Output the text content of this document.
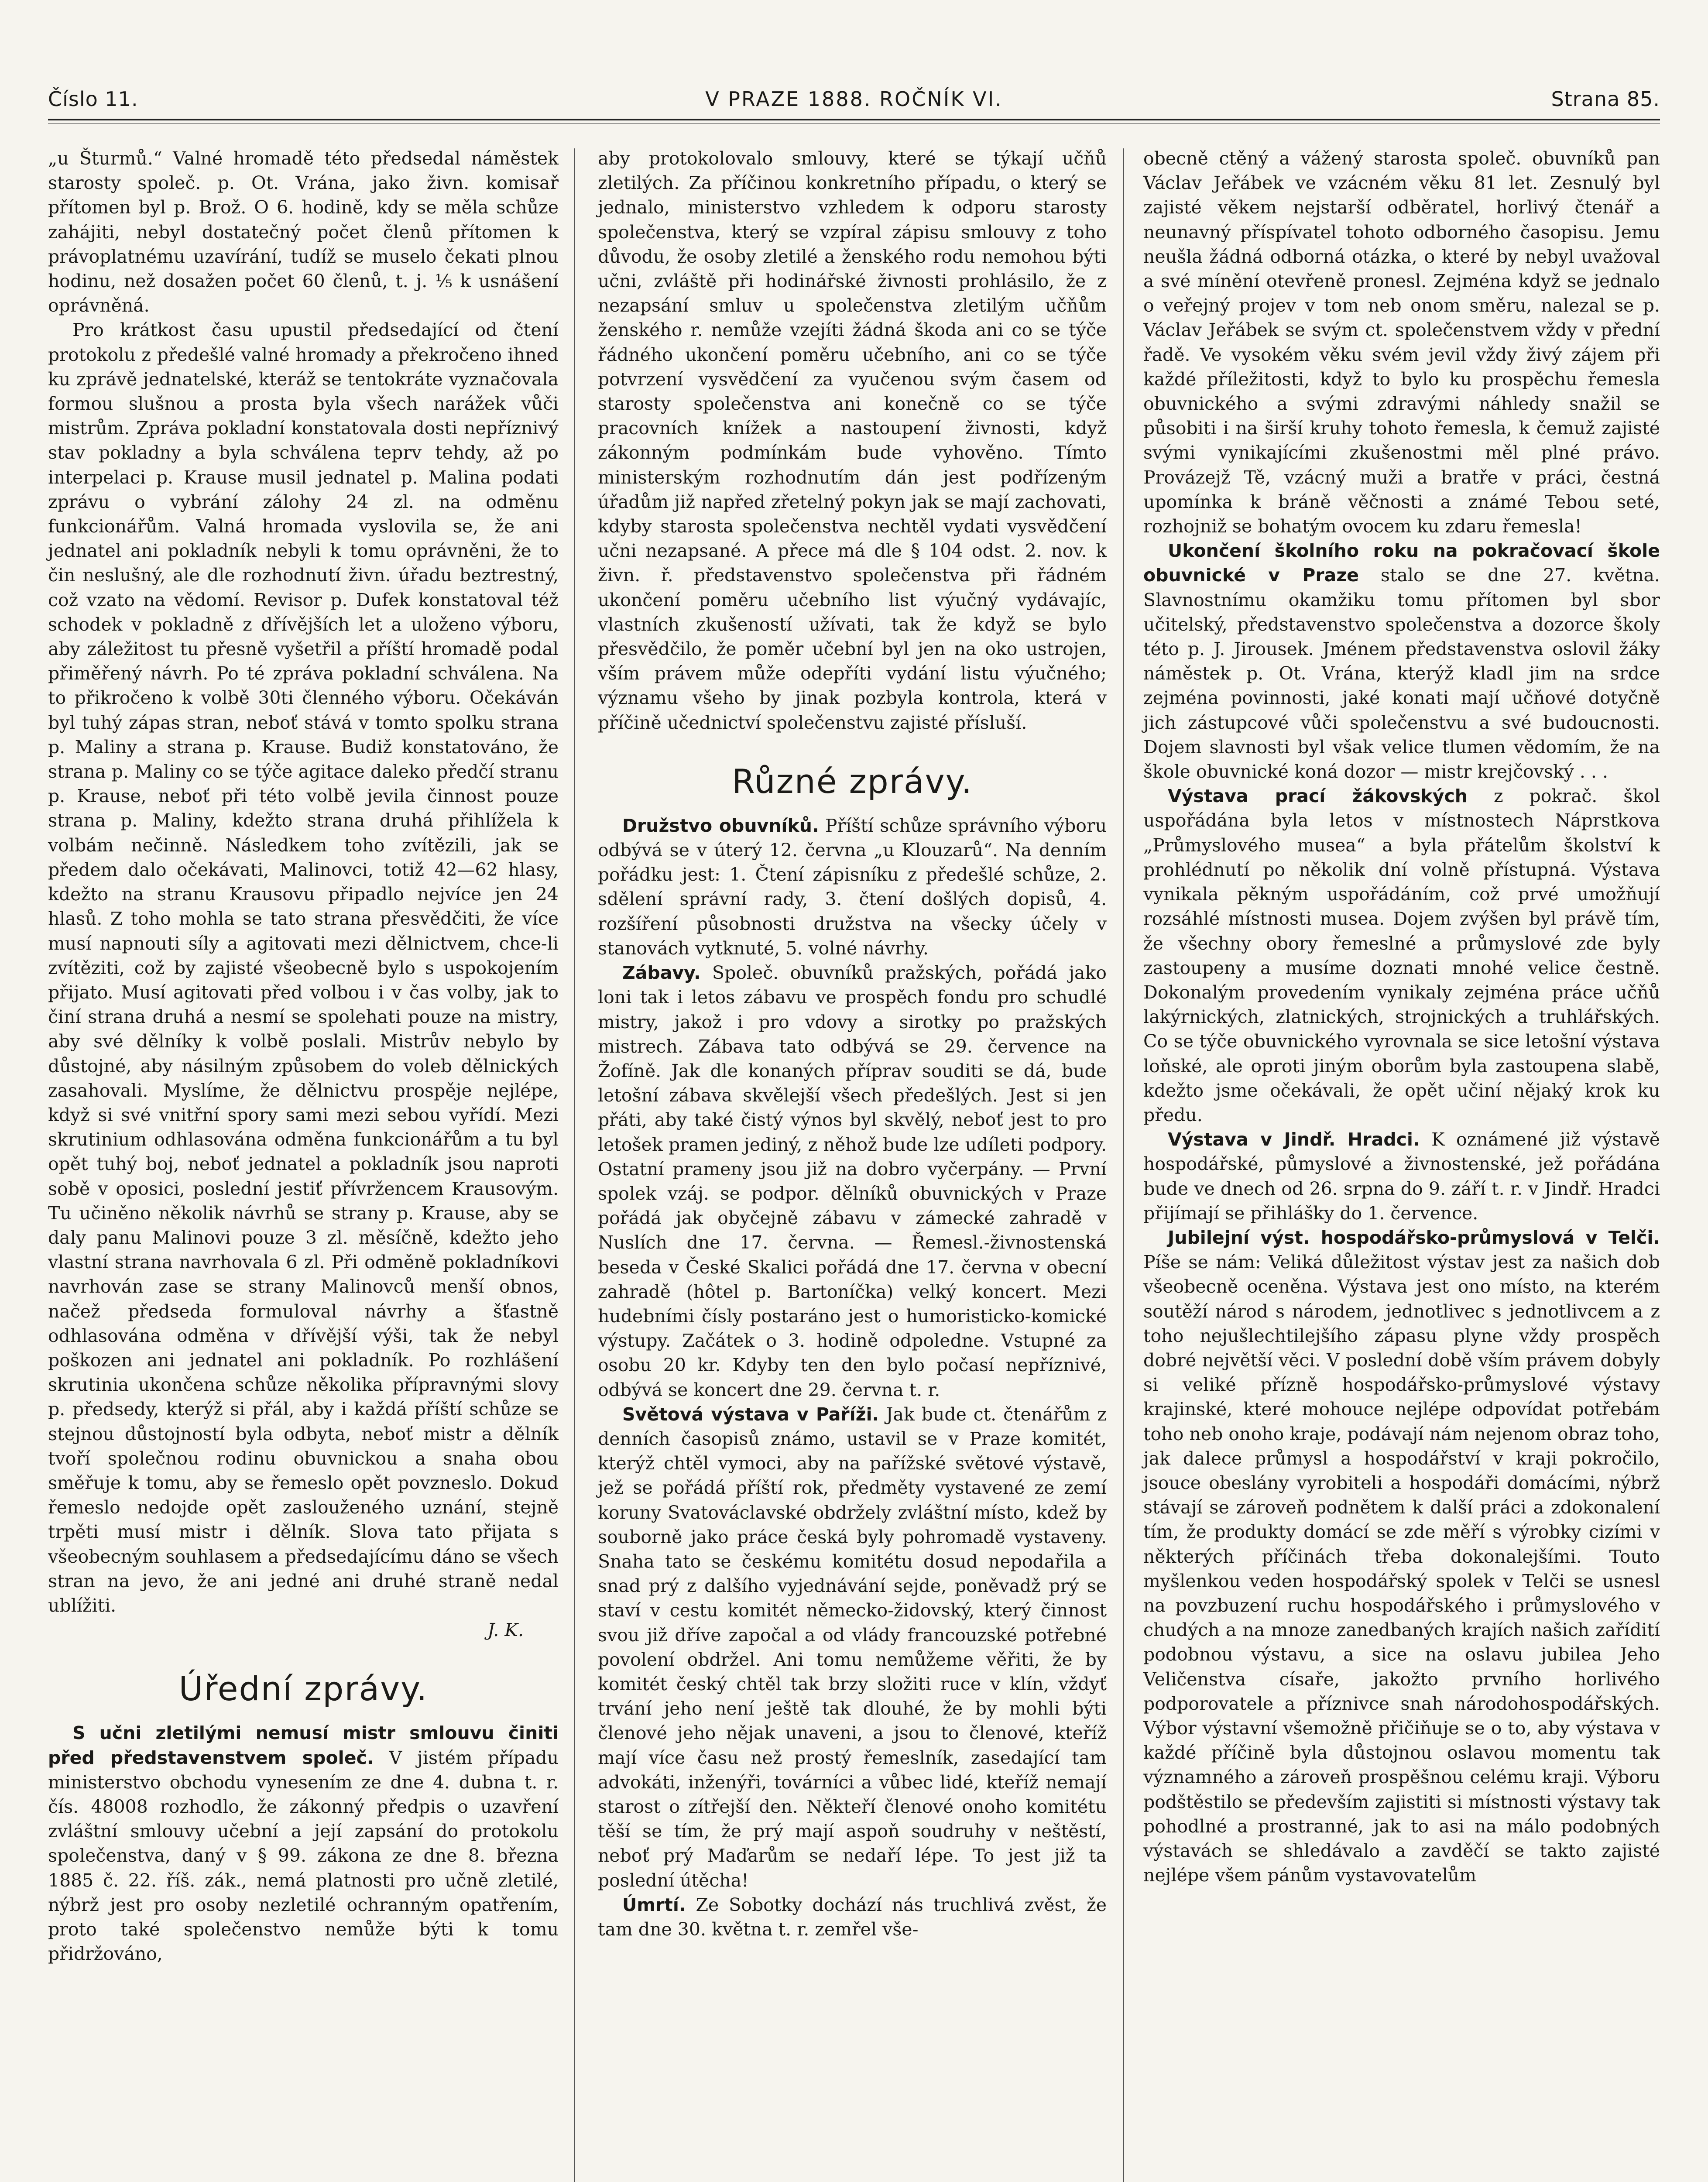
Číslo 11.	V PRAZE 1888. ROČNÍK VI.	Strana 85.

„u Šturmů.“ Valné hromadě této předsedal náměstek starosty společ. p. Ot. Vrána, jako živn. komisař přítomen byl p. Brož. O 6. hodině, kdy se měla schůze zahájiti, nebyl dostatečný počet členů přítomen k právoplatnému uzavírání, tudíž se muselo čekati plnou hodinu, než dosažen počet 60 členů, t. j. ⅕ k usnášení oprávněná.

Pro krátkost času upustil předsedající od čtení protokolu z předešlé valné hromady a překročeno ihned ku zprávě jednatelské, kteráž se tentokráte vyznačovala formou slušnou a prosta byla všech narážek vůči mistrům. Zpráva pokladní konstatovala dosti nepříznivý stav pokladny a byla schválena teprv tehdy, až po interpelaci p. Krause musil jednatel p. Malina podati zprávu o vybrání zálohy 24 zl. na odměnu funkcionářům. Valná hromada vyslovila se, že ani jednatel ani pokladník nebyli k tomu oprávněni, že to čin neslušný, ale dle rozhodnutí živn. úřadu beztrestný, což vzato na vědomí. Revisor p. Dufek konstatoval též schodek v pokladně z dřívějších let a uloženo výboru, aby záležitost tu přesně vyšetřil a příští hromadě podal přiměřený návrh. Po té zpráva pokladní schválena. Na to přikročeno k volbě 30ti členného výboru. Očekáván byl tuhý zápas stran, neboť stává v tomto spolku strana p. Maliny a strana p. Krause. Budiž konstatováno, že strana p. Maliny co se týče agitace daleko předčí stranu p. Krause, neboť při této volbě jevila činnost pouze strana p. Maliny, kdežto strana druhá přihlížela k volbám nečinně. Následkem toho zvítězili, jak se předem dalo očekávati, Malinovci, totiž 42—62 hlasy, kdežto na stranu Krausovu připadlo nejvíce jen 24 hlasů. Z toho mohla se tato strana přesvědčiti, že více musí napnouti síly a agitovati mezi dělnictvem, chce-li zvítěziti, což by zajisté všeobecně bylo s uspokojením přijato. Musí agitovati před volbou i v čas volby, jak to činí strana druhá a nesmí se spolehati pouze na mistry, aby své dělníky k volbě poslali. Mistrův nebylo by důstojné, aby násilným způsobem do voleb dělnických zasahovali. Myslíme, že dělnictvu prospěje nejlépe, když si své vnitřní spory sami mezi sebou vyřídí. Mezi skrutinium odhlasována odměna funkcionářům a tu byl opět tuhý boj, neboť jednatel a pokladník jsou naproti sobě v oposici, poslední jestiť přívržencem Krausovým. Tu učiněno několik návrhů se strany p. Krause, aby se daly panu Malinovi pouze 3 zl. měsíčně, kdežto jeho vlastní strana navrhovala 6 zl. Při odměně pokladníkovi navrhován zase se strany Malinovců menší obnos, načež předseda formuloval návrhy a šťastně odhlasována odměna v dřívější výši, tak že nebyl poškozen ani jednatel ani pokladník. Po rozhlášení skrutinia ukončena schůze několika přípravnými slovy p. předsedy, kterýž si přál, aby i každá příští schůze se stejnou důstojností byla odbyta, neboť mistr a dělník tvoří společnou rodinu obuvnickou a snaha obou směřuje k tomu, aby se řemeslo opět povzneslo. Dokud řemeslo nedojde opět zaslouženého uznání, stejně trpěti musí mistr i dělník. Slova tato přijata s všeobecným souhlasem a předsedajícímu dáno se všech stran na jevo, že ani jedné ani druhé straně nedal ublížiti.

J. K.

Úřední zprávy.

S učni zletilými nemusí mistr smlouvu činiti před představenstvem společ. V jistém případu ministerstvo obchodu vynesením ze dne 4. dubna t. r. čís. 48008 rozhodlo, že zákonný předpis o uzavření zvláštní smlouvy učební a její zapsání do protokolu společenstva, daný v § 99. zákona ze dne 8. března 1885 č. 22. říš. zák., nemá platnosti pro učně zletilé, nýbrž jest pro osoby nezletilé ochranným opatřením, proto také společenstvo nemůže býti k tomu přidržováno,

aby protokolovalo smlouvy, které se týkají učňů zletilých. Za příčinou konkretního případu, o který se jednalo, ministerstvo vzhledem k odporu starosty společenstva, který se vzpíral zápisu smlouvy z toho důvodu, že osoby zletilé a ženského rodu nemohou býti učni, zvláště při hodinářské živnosti prohlásilo, že z nezapsání smluv u společenstva zletilým učňům ženského r. nemůže vzejíti žádná škoda ani co se týče řádného ukončení poměru učebního, ani co se týče potvrzení vysvědčení za vyučenou svým časem od starosty společenstva ani konečně co se týče pracovních knížek a nastoupení živnosti, když zákonným podmínkám bude vyhověno. Tímto ministerským rozhodnutím dán jest podřízeným úřadům již napřed zřetelný pokyn jak se mají zachovati, kdyby starosta společenstva nechtěl vydati vysvědčení učni nezapsané. A přece má dle § 104 odst. 2. nov. k živn. ř. představenstvo společenstva při řádném ukončení poměru učebního list výučný vydávajíc, vlastních zkušeností užívati, tak že když se bylo přesvědčilo, že poměr učební byl jen na oko ustrojen, vším právem může odepříti vydání listu výučného; významu všeho by jinak pozbyla kontrola, která v příčině učednictví společenstvu zajisté přísluší.

Různé zprávy.

Družstvo obuvníků. Příští schůze správního výboru odbývá se v úterý 12. června „u Klouzarů“. Na denním pořádku jest: 1. Čtení zápisníku z předešlé schůze, 2. sdělení správní rady, 3. čtení došlých dopisů, 4. rozšíření působnosti družstva na všecky účely v stanovách vytknuté, 5. volné návrhy.

Zábavy. Společ. obuvníků pražských, pořádá jako loni tak i letos zábavu ve prospěch fondu pro schudlé mistry, jakož i pro vdovy a sirotky po pražských mistrech. Zábava tato odbývá se 29. července na Žofíně. Jak dle konaných příprav souditi se dá, bude letošní zábava skvělejší všech předešlých. Jest si jen přáti, aby také čistý výnos byl skvělý, neboť jest to pro letošek pramen jediný, z něhož bude lze udíleti podpory. Ostatní prameny jsou již na dobro vyčerpány. — První spolek vzáj. se podpor. dělníků obuvnických v Praze pořádá jak obyčejně zábavu v zámecké zahradě v Nuslích dne 17. června. — Řemesl.-živnostenská beseda v České Skalici pořádá dne 17. června v obecní zahradě (hôtel p. Bartoníčka) velký koncert. Mezi hudebními čísly postaráno jest o humoristicko-komické výstupy. Začátek o 3. hodině odpoledne. Vstupné za osobu 20 kr. Kdyby ten den bylo počasí nepříznivé, odbývá se koncert dne 29. června t. r.

Světová výstava v Paříži. Jak bude ct. čtenářům z denních časopisů známo, ustavil se v Praze komitét, kterýž chtěl vymoci, aby na pařížské světové výstavě, jež se pořádá příští rok, předměty vystavené ze zemí koruny Svatováclavské obdržely zvláštní místo, kdež by souborně jako práce česká byly pohromadě vystaveny. Snaha tato se českému komitétu dosud nepodařila a snad prý z dalšího vyjednávání sejde, poněvadž prý se staví v cestu komitét německo-židovský, který činnost svou již dříve započal a od vlády francouzské potřebné povolení obdržel. Ani tomu nemůžeme věřiti, že by komitét český chtěl tak brzy složiti ruce v klín, vždyť trvání jeho není ještě tak dlouhé, že by mohli býti členové jeho nějak unaveni, a jsou to členové, kteříž mají více času než prostý řemeslník, zasedající tam advokáti, inženýři, továrníci a vůbec lidé, kteříž nemají starost o zítřejší den. Někteří členové onoho komitétu těší se tím, že prý mají aspoň soudruhy v neštěstí, neboť prý Maďarům se nedaří lépe. To jest již ta poslední útěcha!

Úmrtí. Ze Sobotky dochází nás truchlivá zvěst, že tam dne 30. května t. r. zemřel vše-

obecně ctěný a vážený starosta společ. obuvníků pan Václav Jeřábek ve vzácném věku 81 let. Zesnulý byl zajisté věkem nejstarší odběratel, horlivý čtenář a neunavný příspívatel tohoto odborného časopisu. Jemu neušla žádná odborná otázka, o které by nebyl uvažoval a své mínění otevřeně pronesl. Zejména když se jednalo o veřejný projev v tom neb onom směru, nalezal se p. Václav Jeřábek se svým ct. společenstvem vždy v přední řadě. Ve vysokém věku svém jevil vždy živý zájem při každé příležitosti, když to bylo ku prospěchu řemesla obuvnického a svými zdravými náhledy snažil se působiti i na širší kruhy tohoto řemesla, k čemuž zajisté svými vynikajícími zkušenostmi měl plné právo. Provázejž Tě, vzácný muži a bratře v práci, čestná upomínka k bráně věčnosti a známé Tebou seté, rozhojniž se bohatým ovocem ku zdaru řemesla!

Ukončení školního roku na pokračovací škole obuvnické v Praze stalo se dne 27. května. Slavnostnímu okamžiku tomu přítomen byl sbor učitelský, představenstvo společenstva a dozorce školy této p. J. Jirousek. Jménem představenstva oslovil žáky náměstek p. Ot. Vrána, kterýž kladl jim na srdce zejména povinnosti, jaké konati mají učňové dotyčně jich zástupcové vůči společenstvu a své budoucnosti. Dojem slavnosti byl však velice tlumen vědomím, že na škole obuvnické koná dozor — mistr krejčovský . . .

Výstava prací žákovských z pokrač. škol uspořádána byla letos v místnostech Náprstkova „Průmyslového musea“ a byla přátelům školství k prohlédnutí po několik dní volně přístupná. Výstava vynikala pěkným uspořádáním, což prvé umožňují rozsáhlé místnosti musea. Dojem zvýšen byl právě tím, že všechny obory řemeslné a průmyslové zde byly zastoupeny a musíme doznati mnohé velice čestně. Dokonalým provedením vynikaly zejména práce učňů lakýrnických, zlatnických, strojnických a truhlářských. Co se týče obuvnického vyrovnala se sice letošní výstava loňské, ale oproti jiným oborům byla zastoupena slabě, kdežto jsme očekávali, že opět učiní nějaký krok ku předu.

Výstava v Jindř. Hradci. K oznámené již výstavě hospodářské, půmyslové a živnostenské, jež pořádána bude ve dnech od 26. srpna do 9. září t. r. v Jindř. Hradci přijímají se přihlášky do 1. července.

Jubilejní výst. hospodářsko-průmyslová v Telči. Píše se nám: Veliká důležitost výstav jest za našich dob všeobecně oceněna. Výstava jest ono místo, na kterém soutěží národ s národem, jednotlivec s jednotlivcem a z toho nejušlechtilejšího zápasu plyne vždy prospěch dobré největší věci. V poslední době vším právem dobyly si veliké přízně hospodářsko-průmyslové výstavy krajinské, které mohouce nejlépe odpovídat potřebám toho neb onoho kraje, podávají nám nejenom obraz toho, jak dalece průmysl a hospodářství v kraji pokročilo, jsouce obeslány vyrobiteli a hospodáři domácími, nýbrž stávají se zároveň podnětem k další práci a zdokonalení tím, že produkty domácí se zde měří s výrobky cizími v některých příčinách třeba dokonalejšími. Touto myšlenkou veden hospodářský spolek v Telči se usnesl na povzbuzení ruchu hospodářského i průmyslového v chudých a na mnoze zanedbaných krajích našich zařídití podobnou výstavu, a sice na oslavu jubilea Jeho Veličenstva císaře, jakožto prvního horlivého podporovatele a příznivce snah národohospodářských. Výbor výstavní všemožně přičiňuje se o to, aby výstava v každé příčině byla důstojnou oslavou momentu tak významného a zároveň prospěšnou celému kraji. Výboru podštěstilo se především zajistiti si místnosti výstavy tak pohodlné a prostranné, jak to asi na málo podobných výstavách se shledávalo a zavděčí se takto zajisté nejlépe všem pánům vystavovatelům
